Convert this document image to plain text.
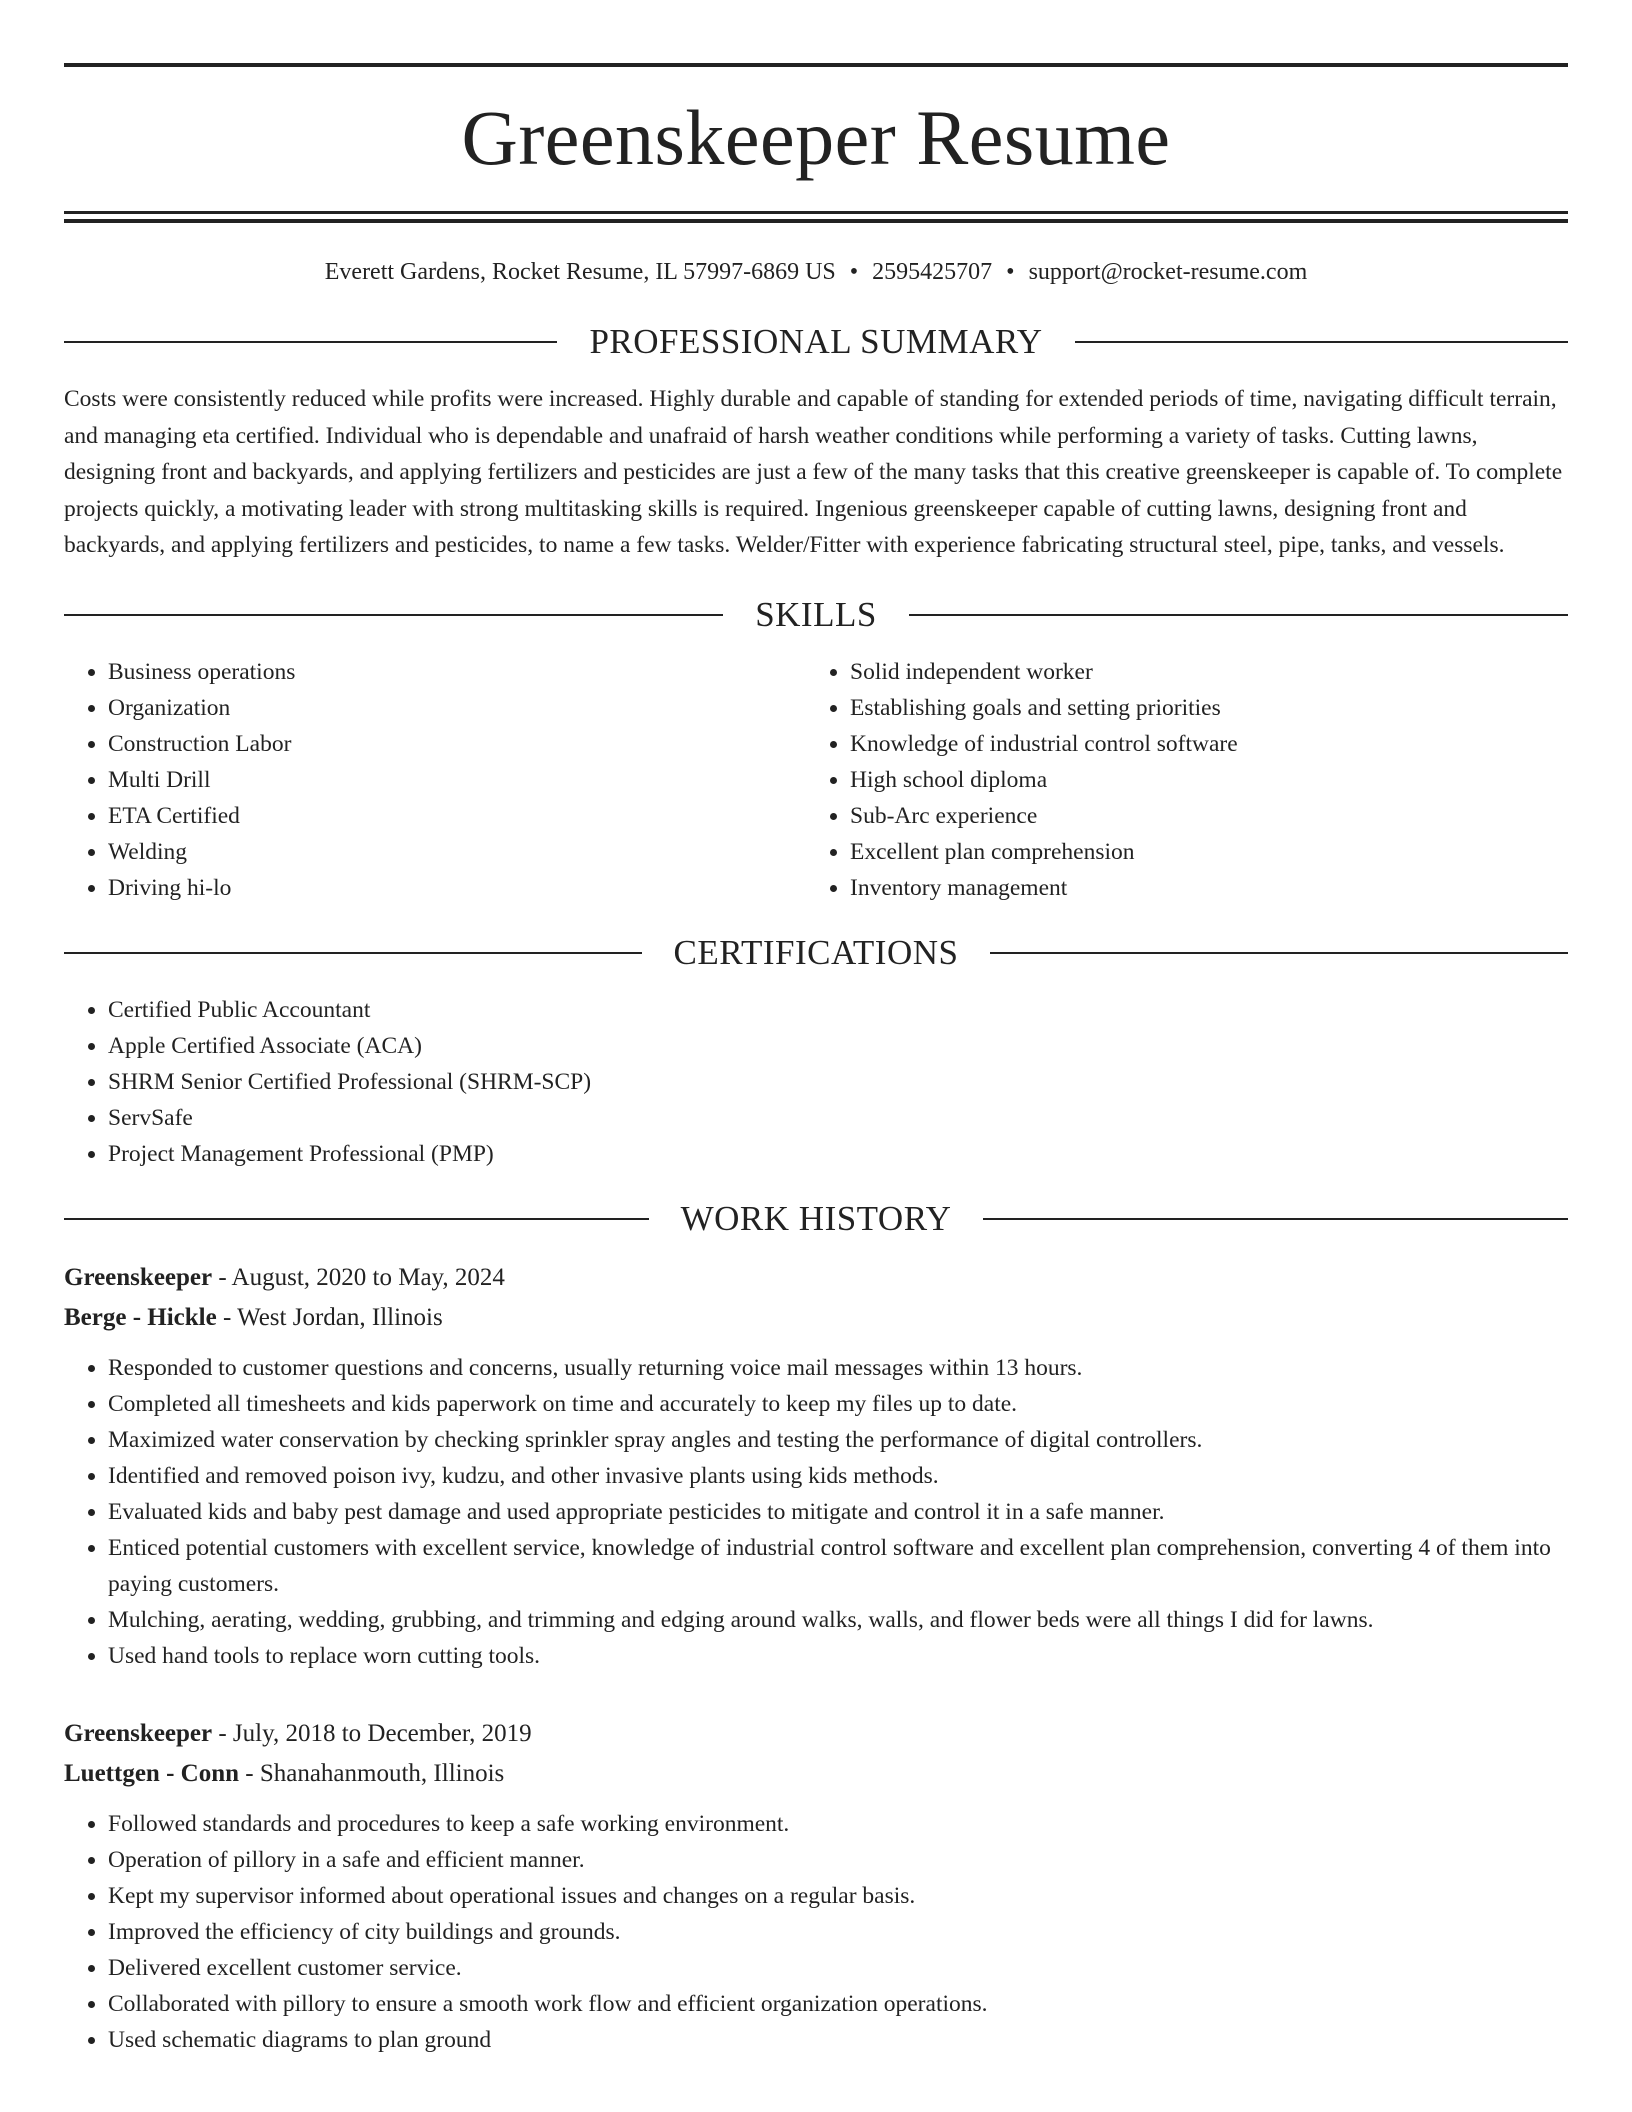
Greenskeeper Resume
Everett Gardens, Rocket Resume, IL 57997-6869 US • 2595425707 • support@rocket-resume.com
PROFESSIONAL SUMMARY

Costs were consistently reduced while profits were increased. Highly durable and capable of standing for extended periods of time, navigating difficult terrain, and managing eta certified. Individual who is dependable and unafraid of harsh weather conditions while performing a variety of tasks. Cutting lawns, designing front and backyards, and applying fertilizers and pesticides are just a few of the many tasks that this creative greenskeeper is capable of. To complete projects quickly, a motivating leader with strong multitasking skills is required. Ingenious greenskeeper capable of cutting lawns, designing front and backyards, and applying fertilizers and pesticides, to name a few tasks. Welder/Fitter with experience fabricating structural steel, pipe, tanks, and vessels.

SKILLS
• Business operations
• Organization
• Construction Labor
• Multi Drill
• ETA Certified
• Welding
• Driving hi-lo
• Solid independent worker
• Establishing goals and setting priorities
• Knowledge of industrial control software
• High school diploma
• Sub-Arc experience
• Excellent plan comprehension
• Inventory management
CERTIFICATIONS
• Certified Public Accountant
• Apple Certified Associate (ACA)
• SHRM Senior Certified Professional (SHRM-SCP)
• ServSafe
• Project Management Professional (PMP)
WORK HISTORY
Greenskeeper - August, 2020 to May, 2024
Berge - Hickle - West Jordan, Illinois
• Responded to customer questions and concerns, usually returning voice mail messages within 13 hours.
• Completed all timesheets and kids paperwork on time and accurately to keep my files up to date.
• Maximized water conservation by checking sprinkler spray angles and testing the performance of digital controllers.
• Identified and removed poison ivy, kudzu, and other invasive plants using kids methods.
• Evaluated kids and baby pest damage and used appropriate pesticides to mitigate and control it in a safe manner.
• Enticed potential customers with excellent service, knowledge of industrial control software and excellent plan comprehension, converting 4 of them into paying customers.
• Mulching, aerating, wedding, grubbing, and trimming and edging around walks, walls, and flower beds were all things I did for lawns.
• Used hand tools to replace worn cutting tools.
Greenskeeper - July, 2018 to December, 2019
Luettgen - Conn - Shanahanmouth, Illinois
• Followed standards and procedures to keep a safe working environment.
• Operation of pillory in a safe and efficient manner.
• Kept my supervisor informed about operational issues and changes on a regular basis.
• Improved the efficiency of city buildings and grounds.
• Delivered excellent customer service.
• Collaborated with pillory to ensure a smooth work flow and efficient organization operations.
• Used schematic diagrams to plan ground
